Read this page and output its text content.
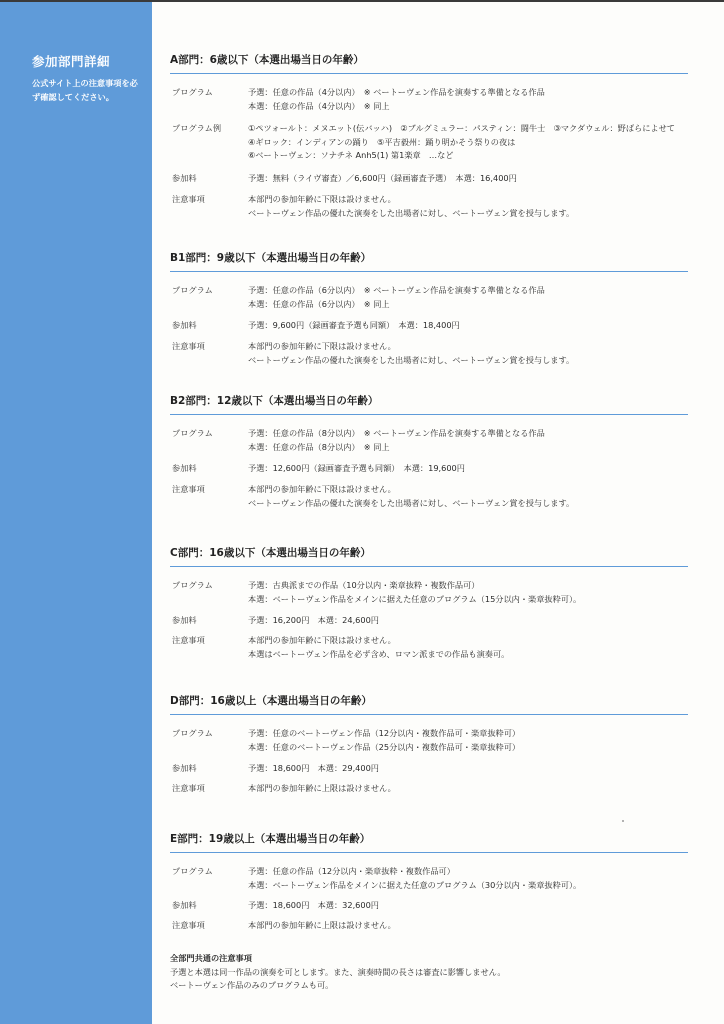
参加部門詳細
公式サイト上の注意事項を必ず確認してください。
A部門：6歳以下（本選出場当日の年齢）
プログラム	予選：任意の作品（4分以内）　※ ベートーヴェン作品を演奏する準備となる作品
本選：任意の作品（4分以内）　※ 同上
プログラム例	①ペツォールト：メヌエット(伝バッハ)　②ブルグミュラー：パスティン：闘牛士　③マクダウェル：野ばらによせて
④ギロック：インディアンの踊り　⑤平吉毅州：踊り明かそう祭りの夜は
⑥ベートーヴェン：ソナチネ Anh5(1) 第1楽章　…など
参加料	予選：無料（ライヴ審査）／6,600円（録画審査予選）　本選：16,400円
注意事項	本部門の参加年齢に下限は設けません。
ベートーヴェン作品の優れた演奏をした出場者に対し、ベートーヴェン賞を授与します。
B1部門：9歳以下（本選出場当日の年齢）
プログラム	予選：任意の作品（6分以内）　※ ベートーヴェン作品を演奏する準備となる作品
本選：任意の作品（6分以内）　※ 同上
参加料	予選：9,600円（録画審査予選も同額）　本選：18,400円
注意事項	本部門の参加年齢に下限は設けません。
ベートーヴェン作品の優れた演奏をした出場者に対し、ベートーヴェン賞を授与します。
B2部門：12歳以下（本選出場当日の年齢）
プログラム	予選：任意の作品（8分以内）　※ ベートーヴェン作品を演奏する準備となる作品
本選：任意の作品（8分以内）　※ 同上
参加料	予選：12,600円（録画審査予選も同額）　本選：19,600円
注意事項	本部門の参加年齢に下限は設けません。
ベートーヴェン作品の優れた演奏をした出場者に対し、ベートーヴェン賞を授与します。
C部門：16歳以下（本選出場当日の年齢）
プログラム	予選：古典派までの作品（10分以内・楽章抜粋・複数作品可）
本選：ベートーヴェン作品をメインに据えた任意のプログラム（15分以内・楽章抜粋可）。
参加料	予選：16,200円　本選：24,600円
注意事項	本部門の参加年齢に下限は設けません。
本選はベートーヴェン作品を必ず含め、ロマン派までの作品も演奏可。
D部門：16歳以上（本選出場当日の年齢）
プログラム	予選：任意のベートーヴェン作品（12分以内・複数作品可・楽章抜粋可）
本選：任意のベートーヴェン作品（25分以内・複数作品可・楽章抜粋可）
参加料	予選：18,600円　本選：29,400円
注意事項	本部門の参加年齢に上限は設けません。
E部門：19歳以上（本選出場当日の年齢）
プログラム	予選：任意の作品（12分以内・楽章抜粋・複数作品可）
本選：ベートーヴェン作品をメインに据えた任意のプログラム（30分以内・楽章抜粋可）。
参加料	予選：18,600円　本選：32,600円
注意事項	本部門の参加年齢に上限は設けません。
全部門共通の注意事項
予選と本選は同一作品の演奏を可とします。また、演奏時間の長さは審査に影響しません。
ベートーヴェン作品のみのプログラムも可。
